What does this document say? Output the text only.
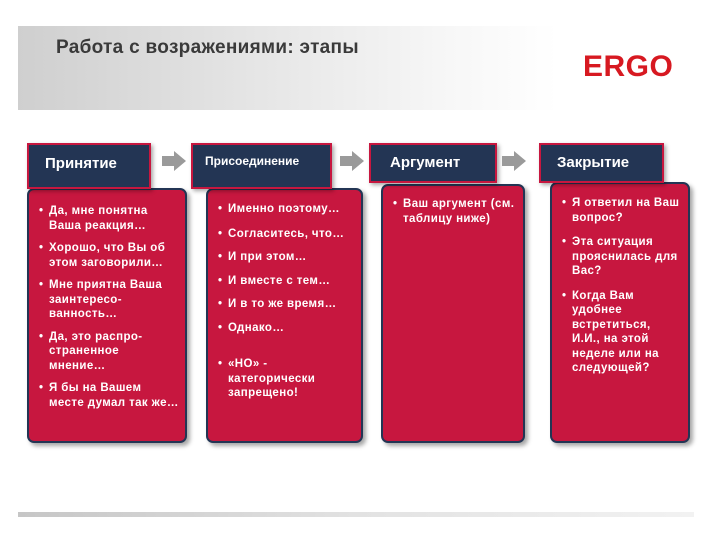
Работа с возражениями: этапы
ERGO
• Да, мне понятна Ваша реакция…
• Хорошо, что Вы об этом заговорили…
• Мне приятна Ваша заинтересо-ванность…
• Да, это распро-страненное мнение…
• Я бы на Вашем месте думал так же…
Принятие
• Именно поэтому…
• Согласитесь, что…
• И при этом…
• И вместе с тем…
• И в то же время…
• Однако…
• «НО» - категорически запрещено!
Присоединение
• Ваш аргумент (см. таблицу ниже)
Аргумент
• Я ответил на Ваш вопрос?
• Эта ситуация прояснилась для Вас?
• Когда Вам удобнее встретиться, И.И., на этой неделе или на следующей?
Закрытие
